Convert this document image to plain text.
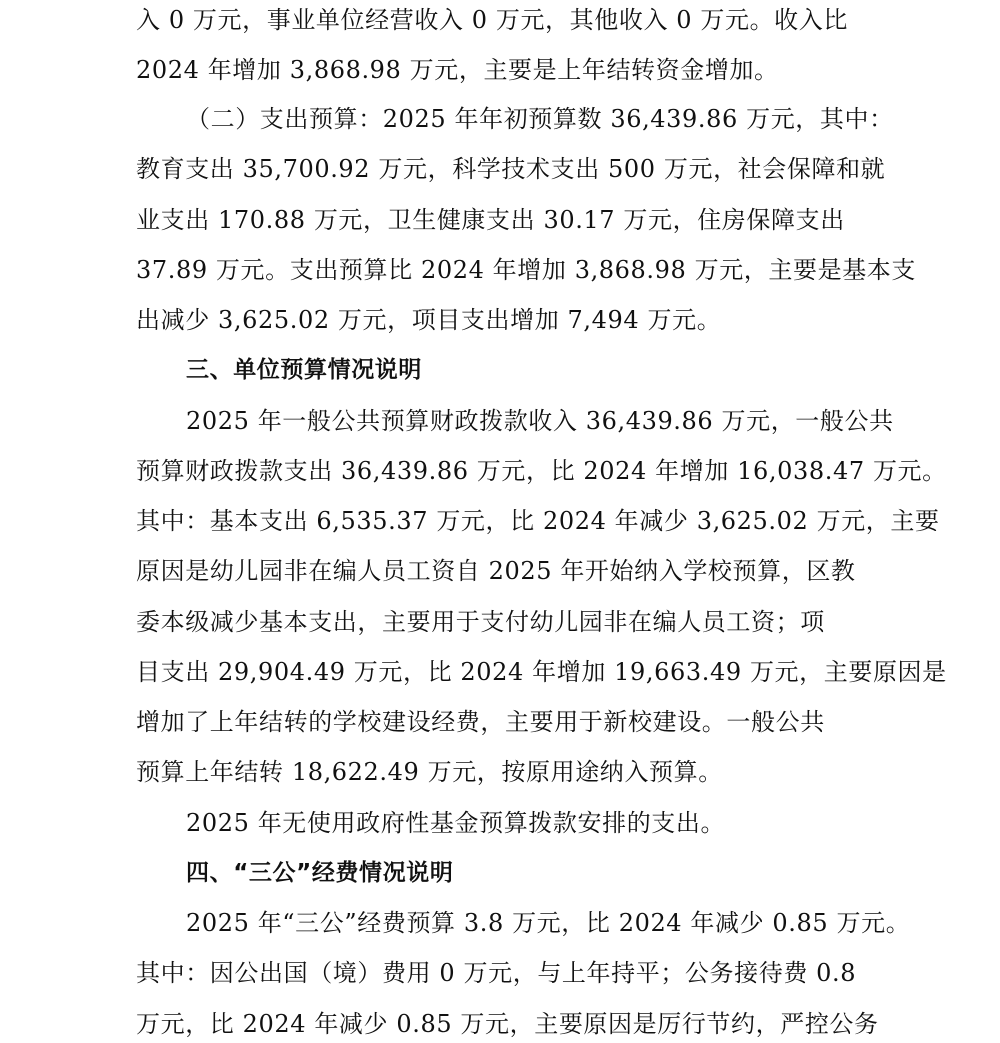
入 0 万元，事业单位经营收入 0 万元，其他收入 0 万元。收入比
2024 年增加 3,868.98 万元，主要是上年结转资金增加。
（二）支出预算：2025 年年初预算数 36,439.86 万元，其中：
教育支出 35,700.92 万元，科学技术支出 500 万元，社会保障和就
业支出 170.88 万元，卫生健康支出 30.17 万元，住房保障支出
37.89 万元。支出预算比 2024 年增加 3,868.98 万元，主要是基本支
出减少 3,625.02 万元，项目支出增加 7,494 万元。
三、单位预算情况说明
2025 年一般公共预算财政拨款收入 36,439.86 万元，一般公共
预算财政拨款支出 36,439.86 万元，比 2024 年增加 16,038.47 万元。
其中：基本支出 6,535.37 万元，比 2024 年减少 3,625.02 万元，主要
原因是幼儿园非在编人员工资自 2025 年开始纳入学校预算，区教
委本级减少基本支出，主要用于支付幼儿园非在编人员工资；项
目支出 29,904.49 万元，比 2024 年增加 19,663.49 万元，主要原因是
增加了上年结转的学校建设经费，主要用于新校建设。一般公共
预算上年结转 18,622.49 万元，按原用途纳入预算。
2025 年无使用政府性基金预算拨款安排的支出。
四、“三公”经费情况说明
2025 年“三公”经费预算 3.8 万元，比 2024 年减少 0.85 万元。
其中：因公出国（境）费用 0 万元，与上年持平；公务接待费 0.8
万元，比 2024 年减少 0.85 万元，主要原因是厉行节约，严控公务
